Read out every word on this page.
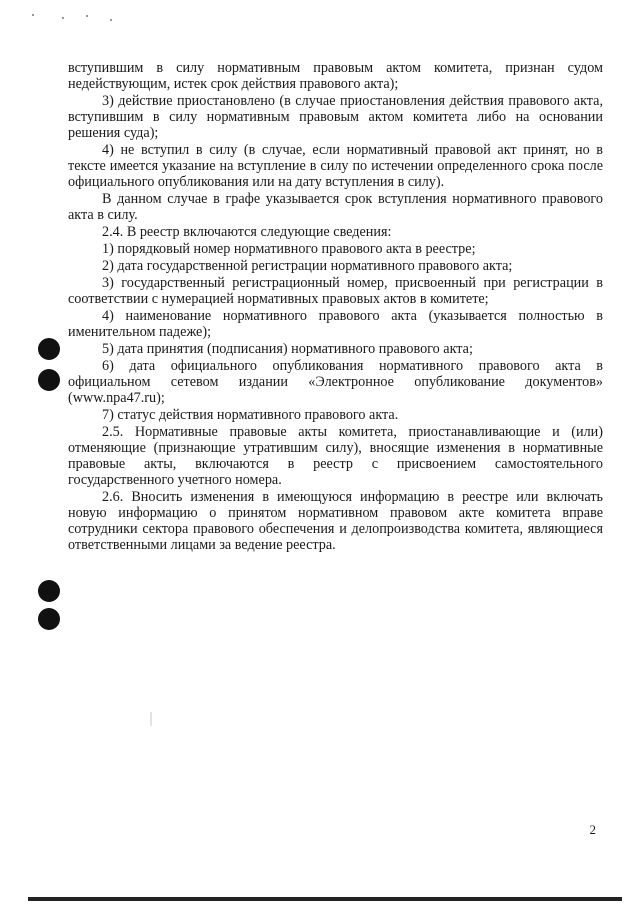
вступившим в силу нормативным правовым актом комитета, признан судом недействующим, истек срок действия правового акта);

3) действие приостановлено (в случае приостановления действия правового акта, вступившим в силу нормативным правовым актом комитета либо на основании решения суда);

4) не вступил в силу (в случае, если нормативный правовой акт принят, но в тексте имеется указание на вступление в силу по истечении определенного срока после официального опубликования или на дату вступления в силу).

В данном случае в графе указывается срок вступления нормативного правового акта в силу.

2.4. В реестр включаются следующие сведения:

1) порядковый номер нормативного правового акта в реестре;

2) дата государственной регистрации нормативного правового акта;

3) государственный регистрационный номер, присвоенный при регистрации в соответствии с нумерацией нормативных правовых актов в комитете;

4) наименование нормативного правового акта (указывается полностью в именительном падеже);

5) дата принятия (подписания) нормативного правового акта;

6) дата официального опубликования нормативного правового акта в официальном сетевом издании «Электронное опубликование документов» (www.npa47.ru);

7) статус действия нормативного правового акта.

2.5. Нормативные правовые акты комитета, приостанавливающие и (или) отменяющие (признающие утратившим силу), вносящие изменения в нормативные правовые акты, включаются в реестр с присвоением самостоятельного государственного учетного номера.

2.6. Вносить изменения в имеющуюся информацию в реестре или включать новую информацию о принятом нормативном правовом акте комитета вправе сотрудники сектора правового обеспечения и делопроизводства комитета, являющиеся ответственными лицами за ведение реестра.

2
